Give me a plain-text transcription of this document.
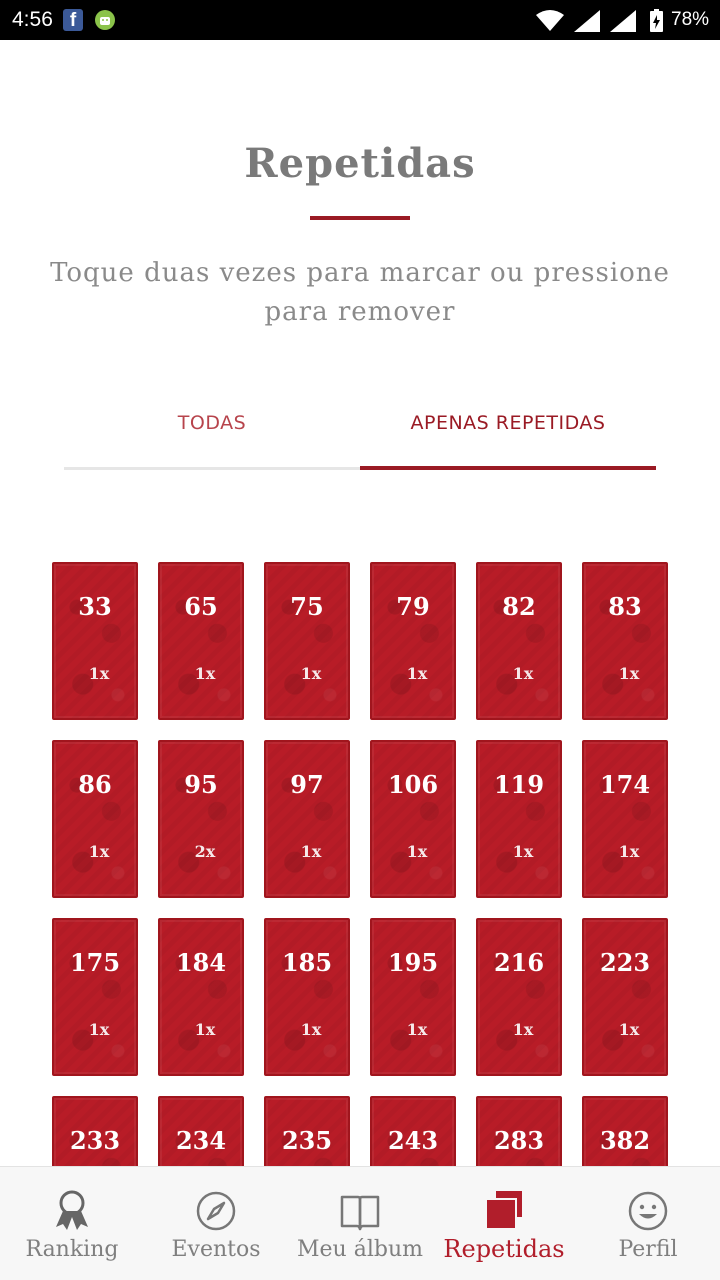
4:56 f	78%
Repetidas

Toque duas vezes para marcar ou pressione para remover

TODAS	APENAS REPETIDAS
33
1x
65
1x
75
1x
79
1x
82
1x
83
1x
86
1x
95
2x
97
1x
106
1x
119
1x
174
1x
175
1x
184
1x
185
1x
195
1x
216
1x
223
1x
233	234	235	243	283	382
Ranking	Eventos	Meu álbum Repetidas	Perfil
